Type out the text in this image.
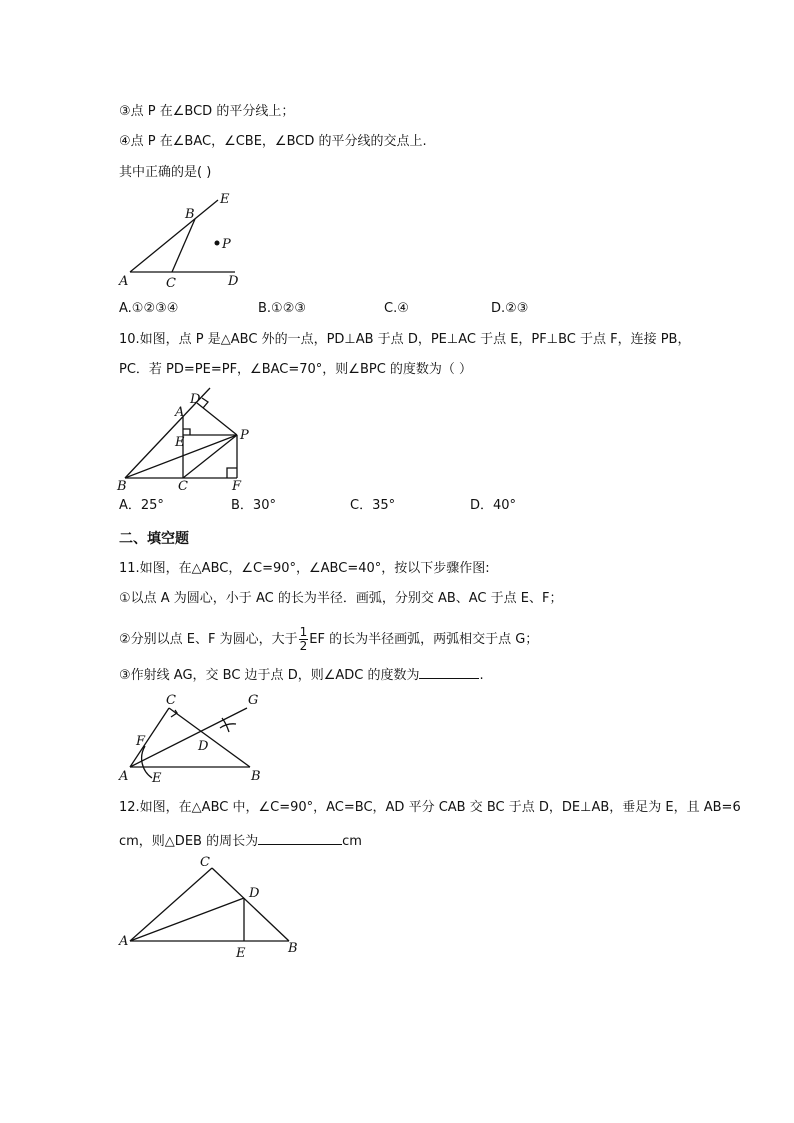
③点 P 在∠BCD 的平分线上；
④点 P 在∠BAC，∠CBE，∠BCD 的平分线的交点上.
其中正确的是( )
E
B
P
A	C	D
A.①②③④	B.①②③	C.④	D.②③
10.如图，点 P 是△ABC 外的一点，PD⊥AB 于点 D，PE⊥AC 于点 E，PF⊥BC 于点 F，连接 PB，
PC．若 PD=PE=PF，∠BAC=70°，则∠BPC 的度数为（ ）
D
A
E	P
B	C	F
A．25°	B．30°	C．35°	D．40°
二、填空题
11.如图，在△ABC，∠C=90°，∠ABC=40°，按以下步骤作图:
①以点 A 为圆心，小于 AC 的长为半径．画弧，分别交 AB、AC 于点 E、F；
②分别以点 E、F 为圆心，大于 $\frac{1}{2}$ EF 的长为半径画弧，两弧相交于点 G；
③作射线 AG，交 BC 边于点 D，则∠ADC 的度数为	.
C	G
F	D
A E	B
12.如图，在△ABC 中，∠C=90°，AC=BC，AD 平分 CAB 交 BC 于点 D，DE⊥AB，垂足为 E，且 AB=6
cm，则△DEB 的周长为	cm
C
D
A
E	B
